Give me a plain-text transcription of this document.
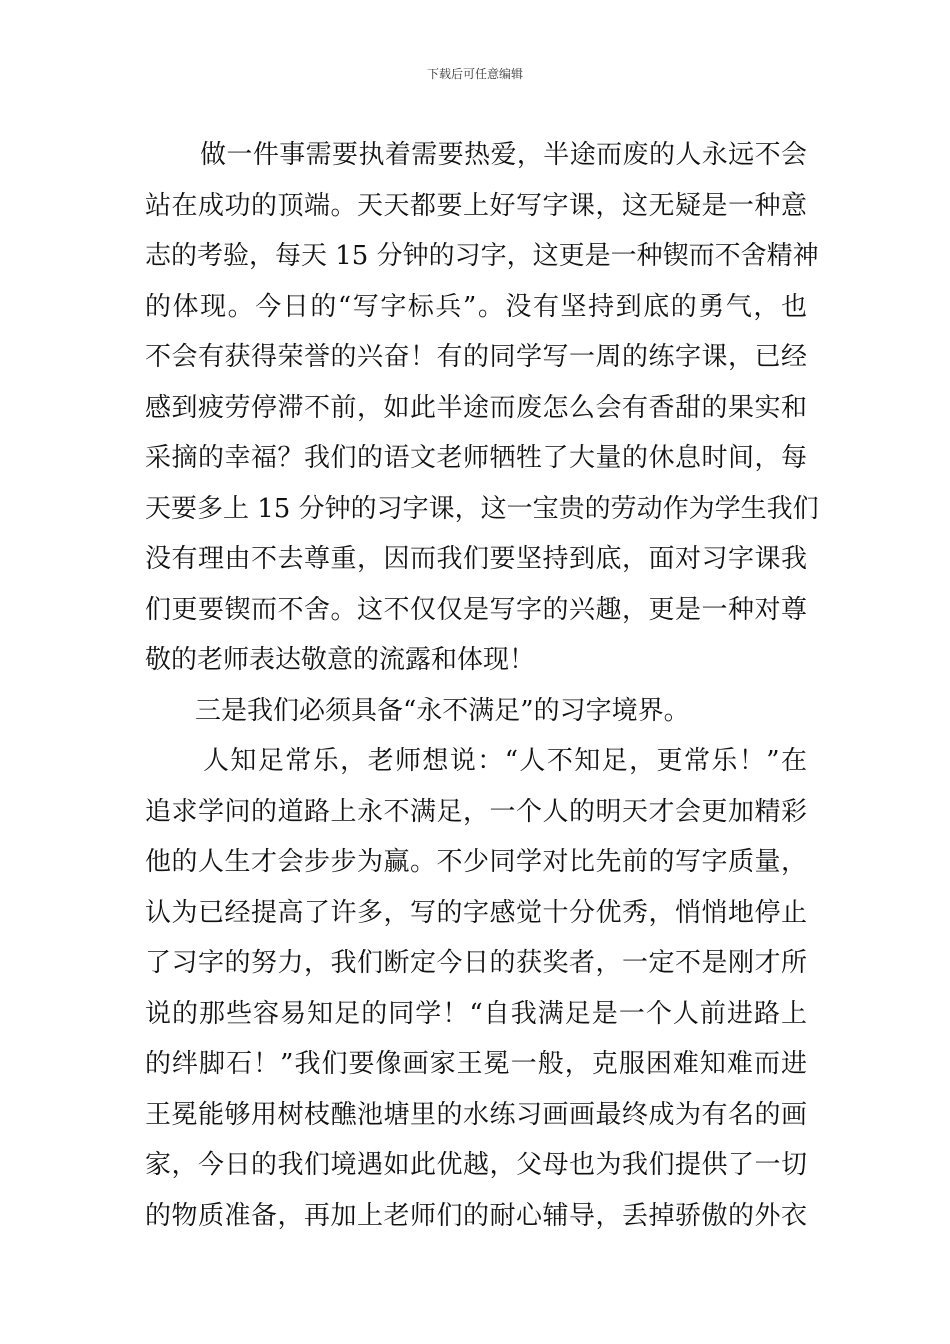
下载后可任意编辑
做一件事需要执着需要热爱，半途而废的人永远不会
站在成功的顶端。天天都要上好写字课，这无疑是一种意
志的考验，每天 15 分钟的习字，这更是一种锲而不舍精神
的体现。今日的“写字标兵”。没有坚持到底的勇气，也
不会有获得荣誉的兴奋！有的同学写一周的练字课，已经
感到疲劳停滞不前，如此半途而废怎么会有香甜的果实和
采摘的幸福？我们的语文老师牺牲了大量的休息时间，每
天要多上 15 分钟的习字课，这一宝贵的劳动作为学生我们
没有理由不去尊重，因而我们要坚持到底，面对习字课我
们更要锲而不舍。这不仅仅是写字的兴趣，更是一种对尊
敬的老师表达敬意的流露和体现！
三是我们必须具备“永不满足”的习字境界。
人知足常乐，老师想说：“人不知足，更常乐！”在
追求学问的道路上永不满足，一个人的明天才会更加精彩
他的人生才会步步为赢。不少同学对比先前的写字质量，
认为已经提高了许多，写的字感觉十分优秀，悄悄地停止
了习字的努力，我们断定今日的获奖者，一定不是刚才所
说的那些容易知足的同学！“自我满足是一个人前进路上
的绊脚石！”我们要像画家王冕一般，克服困难知难而进
王冕能够用树枝醮池塘里的水练习画画最终成为有名的画
家，今日的我们境遇如此优越，父母也为我们提供了一切
的物质准备，再加上老师们的耐心辅导，丢掉骄傲的外衣
